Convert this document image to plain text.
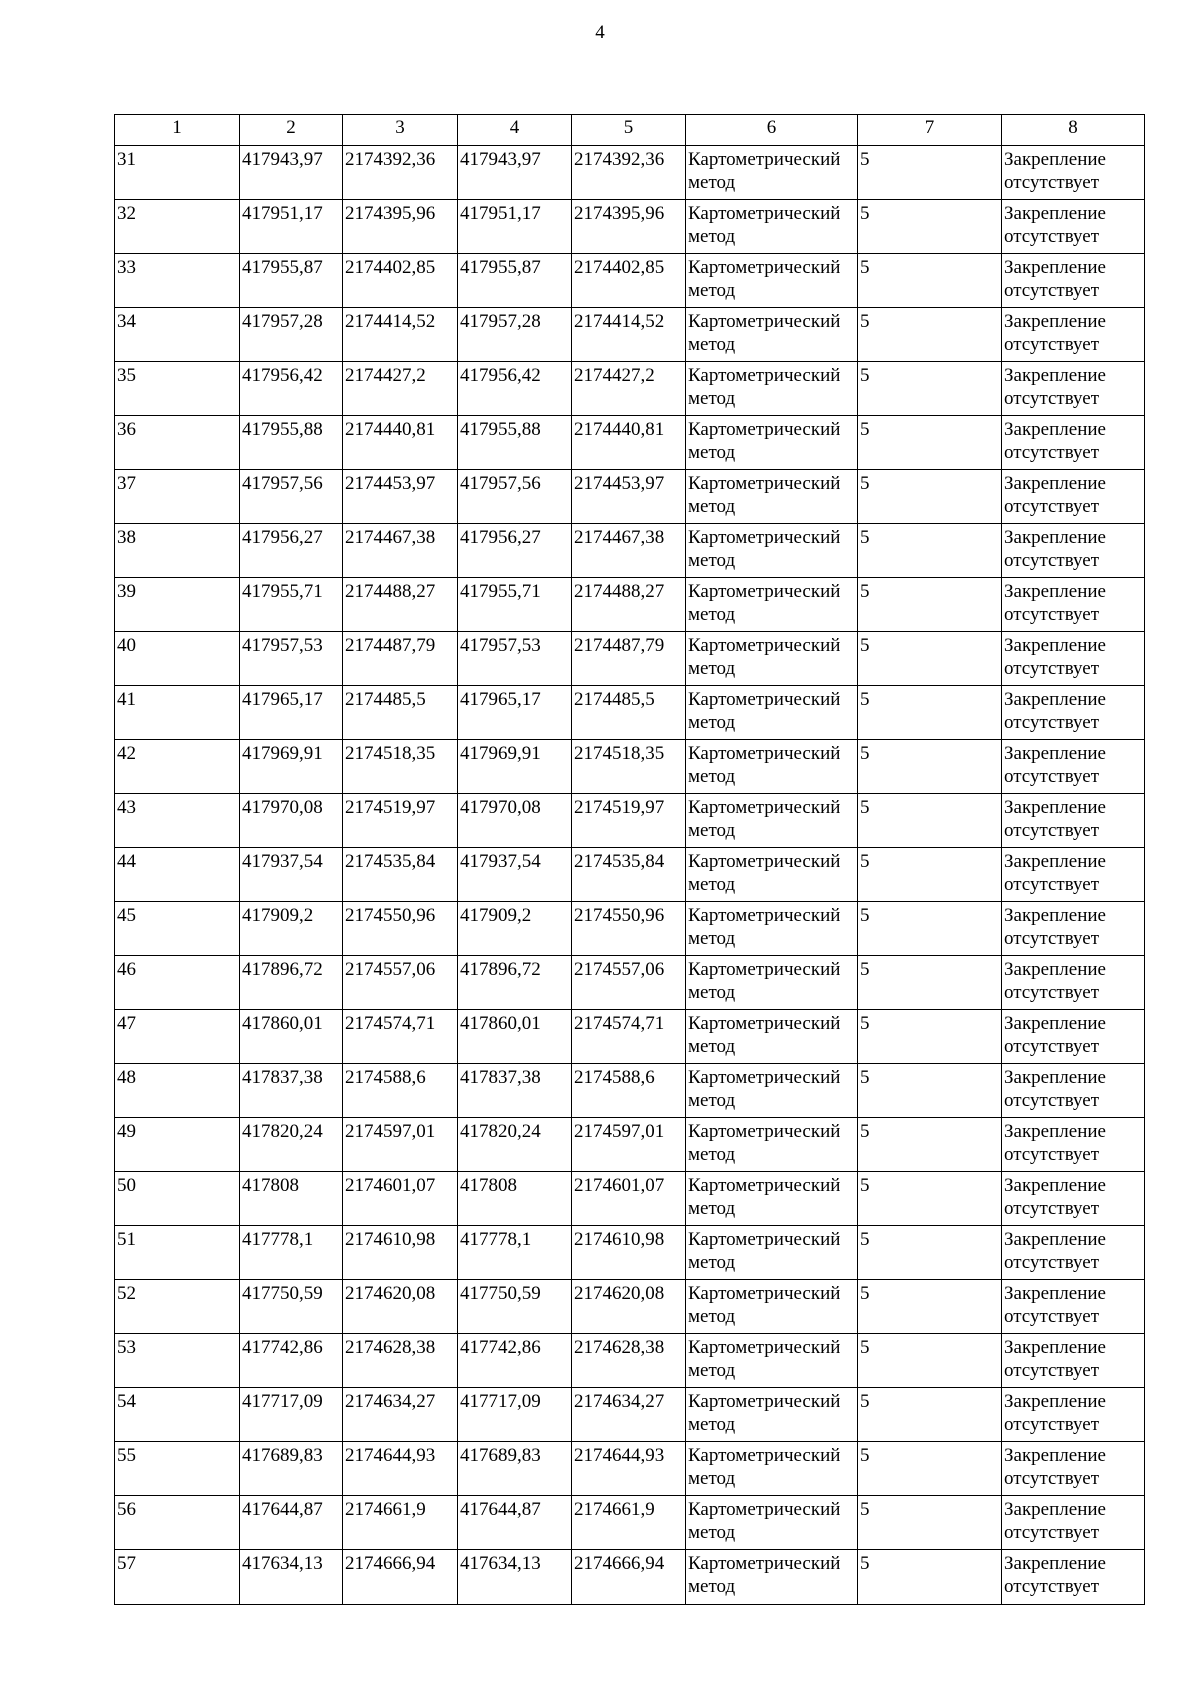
4
1	2	3	4	5	6	7	8
31	417943,97	2174392,36	417943,97	2174392,36	Картометрический метод	5	Закрепление отсутствует
32	417951,17	2174395,96	417951,17	2174395,96	Картометрический метод	5	Закрепление отсутствует
33	417955,87	2174402,85	417955,87	2174402,85	Картометрический метод	5	Закрепление отсутствует
34	417957,28	2174414,52	417957,28	2174414,52	Картометрический метод	5	Закрепление отсутствует
35	417956,42	2174427,2	417956,42	2174427,2	Картометрический метод	5	Закрепление отсутствует
36	417955,88	2174440,81	417955,88	2174440,81	Картометрический метод	5	Закрепление отсутствует
37	417957,56	2174453,97	417957,56	2174453,97	Картометрический метод	5	Закрепление отсутствует
38	417956,27	2174467,38	417956,27	2174467,38	Картометрический метод	5	Закрепление отсутствует
39	417955,71	2174488,27	417955,71	2174488,27	Картометрический метод	5	Закрепление отсутствует
40	417957,53	2174487,79	417957,53	2174487,79	Картометрический метод	5	Закрепление отсутствует
41	417965,17	2174485,5	417965,17	2174485,5	Картометрический метод	5	Закрепление отсутствует
42	417969,91	2174518,35	417969,91	2174518,35	Картометрический метод	5	Закрепление отсутствует
43	417970,08	2174519,97	417970,08	2174519,97	Картометрический метод	5	Закрепление отсутствует
44	417937,54	2174535,84	417937,54	2174535,84	Картометрический метод	5	Закрепление отсутствует
45	417909,2	2174550,96	417909,2	2174550,96	Картометрический метод	5	Закрепление отсутствует
46	417896,72	2174557,06	417896,72	2174557,06	Картометрический метод	5	Закрепление отсутствует
47	417860,01	2174574,71	417860,01	2174574,71	Картометрический метод	5	Закрепление отсутствует
48	417837,38	2174588,6	417837,38	2174588,6	Картометрический метод	5	Закрепление отсутствует
49	417820,24	2174597,01	417820,24	2174597,01	Картометрический метод	5	Закрепление отсутствует
50	417808	2174601,07	417808	2174601,07	Картометрический метод	5	Закрепление отсутствует
51	417778,1	2174610,98	417778,1	2174610,98	Картометрический метод	5	Закрепление отсутствует
52	417750,59	2174620,08	417750,59	2174620,08	Картометрический метод	5	Закрепление отсутствует
53	417742,86	2174628,38	417742,86	2174628,38	Картометрический метод	5	Закрепление отсутствует
54	417717,09	2174634,27	417717,09	2174634,27	Картометрический метод	5	Закрепление отсутствует
55	417689,83	2174644,93	417689,83	2174644,93	Картометрический метод	5	Закрепление отсутствует
56	417644,87	2174661,9	417644,87	2174661,9	Картометрический метод	5	Закрепление отсутствует
57	417634,13	2174666,94	417634,13	2174666,94	Картометрический метод	5	Закрепление отсутствует
